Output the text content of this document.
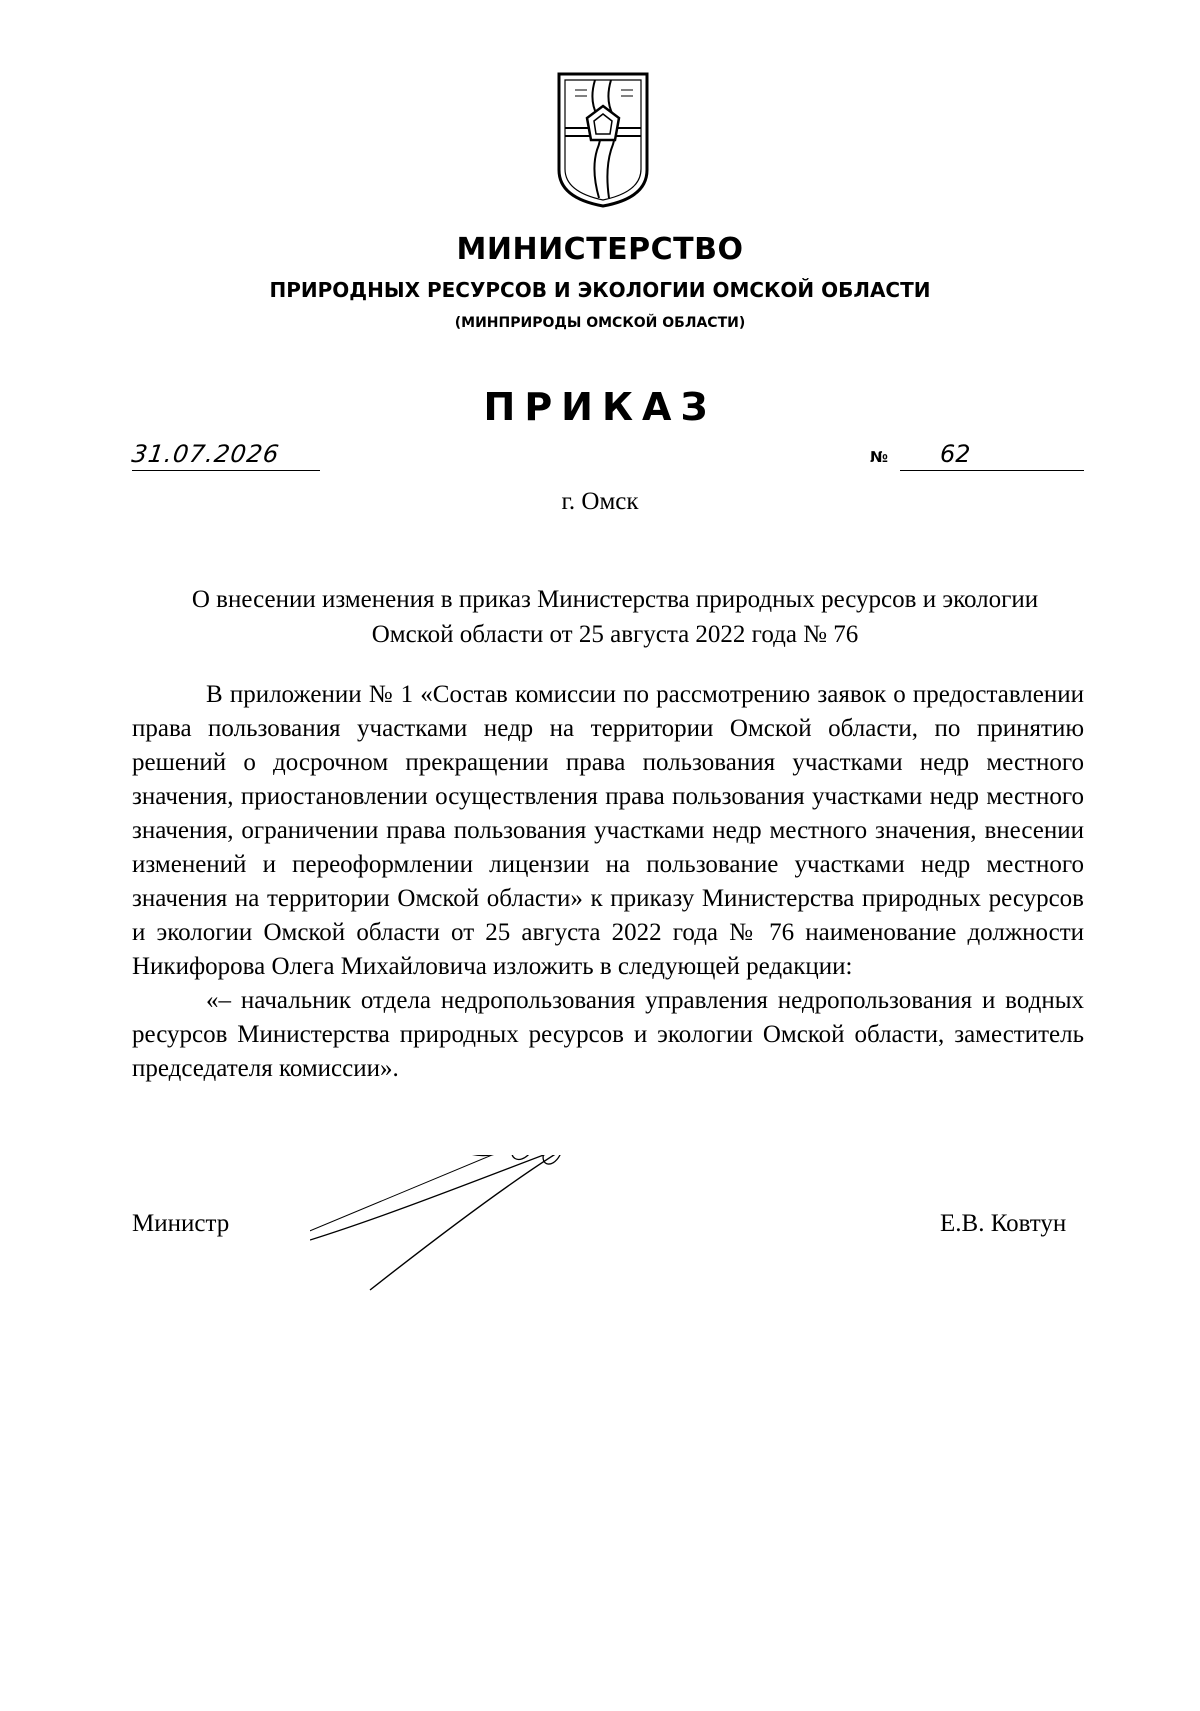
МИНИСТЕРСТВО
ПРИРОДНЫХ РЕСУРСОВ И ЭКОЛОГИИ ОМСКОЙ ОБЛАСТИ
(МИНПРИРОДЫ ОМСКОЙ ОБЛАСТИ)
ПРИКАЗ
31.07.2026	№ 62
г. Омск
О внесении изменения в приказ Министерства природных ресурсов и экологии Омской области от 25 августа 2022 года № 76

В приложении № 1 «Состав комиссии по рассмотрению заявок о предоставлении права пользования участками недр на территории Омской области, по принятию решений о досрочном прекращении права пользования участками недр местного значения, приостановлении осуществления права пользования участками недр местного значения, ограничении права пользования участками недр местного значения, внесении изменений и переоформлении лицензии на пользование участками недр местного значения на территории Омской области» к приказу Министерства природных ресурсов и экологии Омской области от 25 августа 2022 года № 76 наименование должности Никифорова Олега Михайловича изложить в следующей редакции:

«– начальник отдела недропользования управления недропользования и водных ресурсов Министерства природных ресурсов и экологии Омской области, заместитель председателя комиссии».

Министр	Е.В. Ковтун
